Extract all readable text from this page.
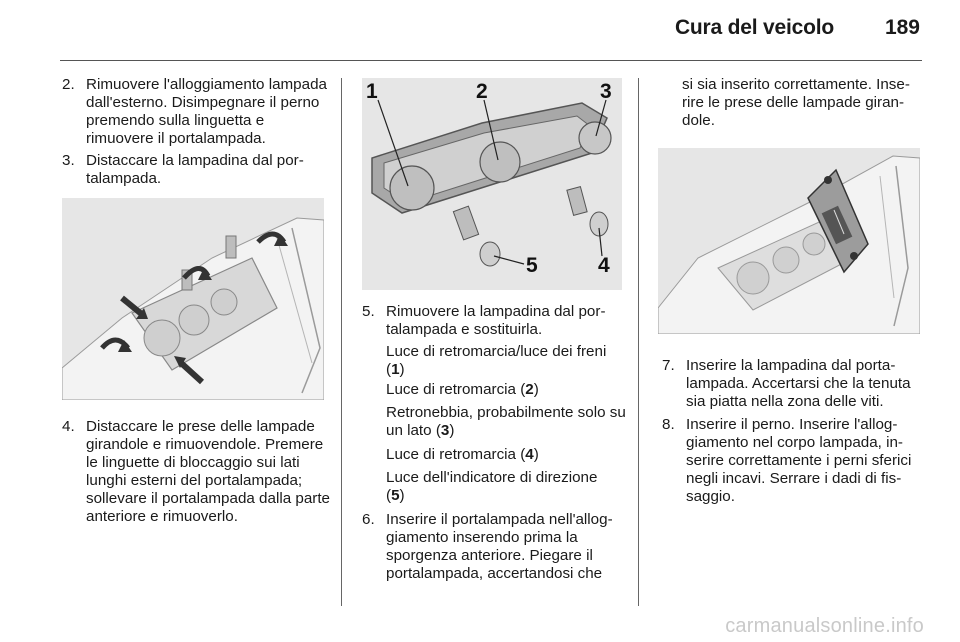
Cura del veicolo 189
2. Rimuovere l'alloggiamento lampada dall'esterno. Disimpegnare il perno premendo sulla linguetta e rimuovere il portalampada.
3. Distaccare la lampadina dal portalampada.
4. Distaccare le prese delle lampade girandole e rimuovendole. Premere le linguette di bloccaggio sui lati lunghi esterni del portalampada; sollevare il portalampada dalla parte anteriore e rimuoverlo.
1	2	3
4
5
5. Rimuovere la lampadina dal portalampada e sostituirla.
Luce di retromarcia/luce dei freni (1)
Luce di retromarcia (2)
Retronebbia, probabilmente solo su un lato (3)
Luce di retromarcia (4)
Luce dell'indicatore di direzione (5)
6. Inserire il portalampada nell'alloggiamento inserendo prima la sporgenza anteriore. Piegare il portalampada, accertandosi che
si sia inserito correttamente. Inserire le prese delle lampade girandole.
7. Inserire la lampadina dal portalampada. Accertarsi che la tenuta sia piatta nella zona delle viti.
8. Inserire il perno. Inserire l'alloggiamento nel corpo lampada, inserire correttamente i perni sferici negli incavi. Serrare i dadi di fissaggio.
carmanualsonline.info
